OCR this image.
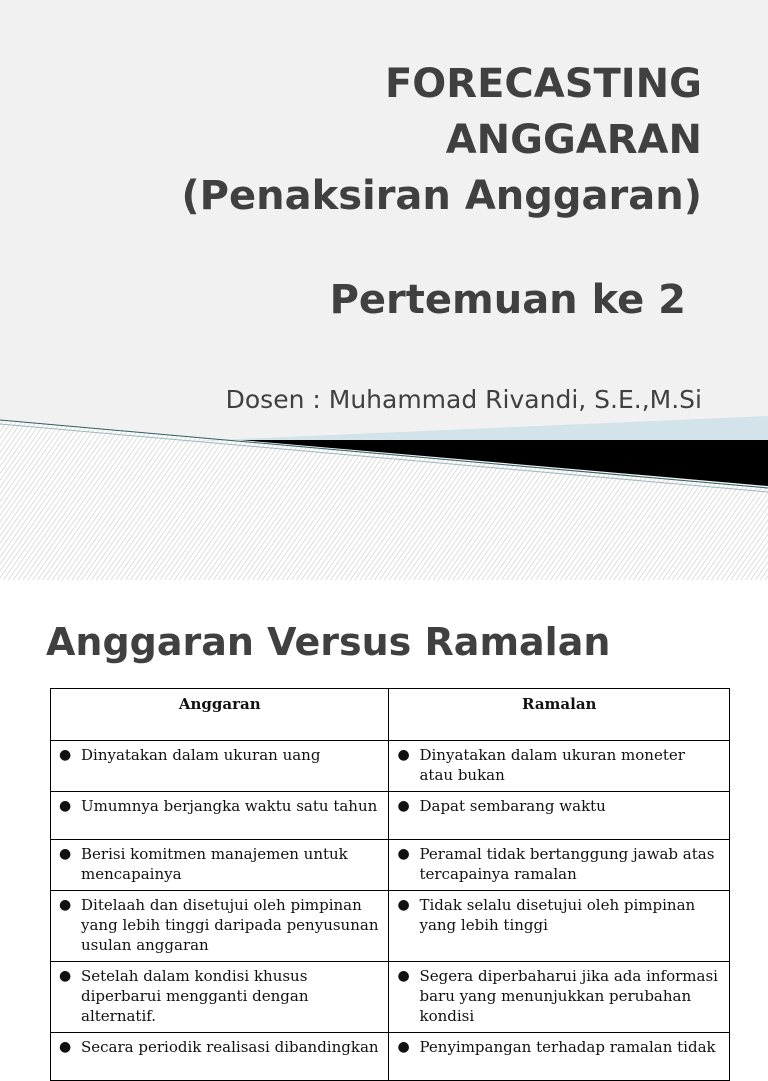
FORECASTING
ANGGARAN
(Penaksiran Anggaran)
Pertemuan ke 2
Dosen : Muhammad Rivandi, S.E.,M.Si
Anggaran Versus Ramalan
Anggaran	Ramalan

● Dinyatakan dalam ukuran uang	● Dinyatakan dalam ukuran moneter atau bukan

● Umumnya berjangka waktu satu tahun	● Dapat sembarang waktu

● Berisi komitmen manajemen untuk mencapainya	● Peramal tidak bertanggung jawab atas tercapainya ramalan

● Ditelaah dan disetujui oleh pimpinan yang lebih tinggi daripada penyusunan usulan anggaran	● Tidak selalu disetujui oleh pimpinan yang lebih tinggi

● Setelah dalam kondisi khusus diperbarui mengganti dengan alternatif.	● Segera diperbaharui jika ada informasi baru yang menunjukkan perubahan kondisi

● Secara periodik realisasi dibandingkan	● Penyimpangan terhadap ramalan tidak
